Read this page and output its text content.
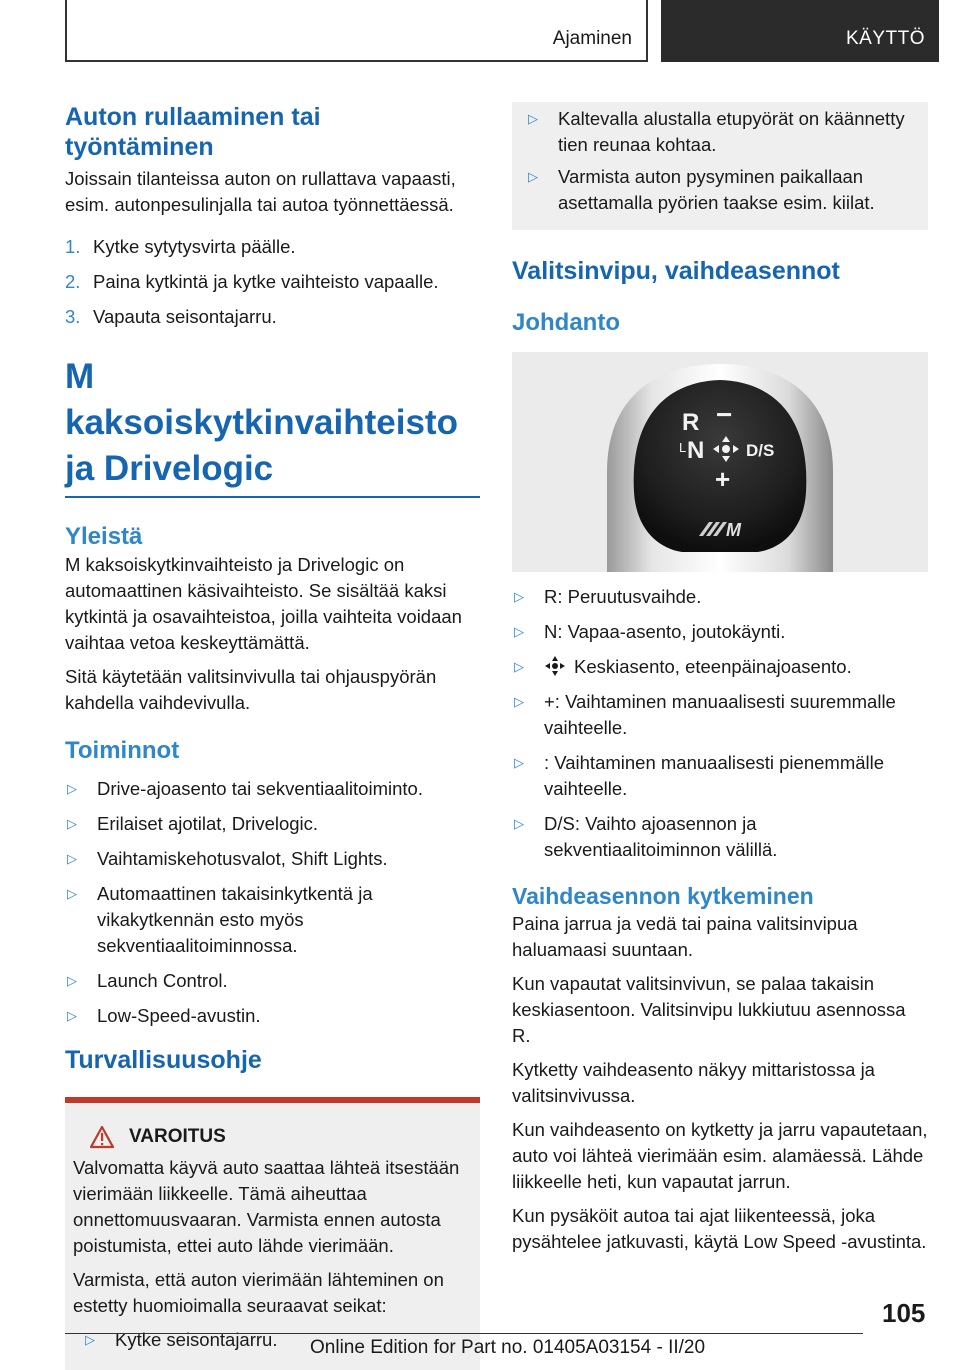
Ajaminen	KÄYTTÖ
Auton rullaaminen tai työntäminen

Joissain tilanteissa auton on rullattava vapaasti, esim. autonpesulinjalla tai autoa työnnettäessä.

1. Kytke sytytysvirta päälle.
2. Paina kytkintä ja kytke vaihteisto vapaalle.
3. Vapauta seisontajarru.
M kaksoiskytkinvaihteisto ja Drivelogic
Yleistä

M kaksoiskytkinvaihteisto ja Drivelogic on automaattinen käsivaihteisto. Se sisältää kaksi kytkintä ja osavaihteistoa, joilla vaihteita voidaan vaihtaa vetoa keskeyttämättä.

Sitä käytetään valitsinvivulla tai ohjauspyörän kahdella vaihdevivulla.

Toiminnot
▷	Drive-ajoasento tai sekventiaalitoiminto.
▷	Erilaiset ajotilat, Drivelogic.
▷	Vaihtamiskehotusvalot, Shift Lights.
▷	Automaattinen takaisinkytkentä ja vikakytkennän esto myös sekventiaalitoiminnossa.
▷	Launch Control.
▷	Low-Speed-avustin.
Turvallisuusohje
VAROITUS

Valvomatta käyvä auto saattaa lähteä itsestään vierimään liikkeelle. Tämä aiheuttaa onnettomuusvaaran. Varmista ennen autosta poistumista, ettei auto lähde vierimään.

Varmista, että auton vierimään lähteminen on estetty huomioimalla seuraavat seikat:

▷	Kytke seisontajarru.
▷	Kaltevalla alustalla etupyörät on käännetty tien reunaa kohtaa.
▷	Varmista auton pysyminen paikallaan asettamalla pyörien taakse esim. kiilat.
Valitsinvipu, vaihdeasennot
Johdanto
R −
L N D/S
+
M
▷	R: Peruutusvaihde.
▷	N: Vapaa-asento, joutokäynti.
▷	Keskiasento, eteenpäinajoasento.
▷	+: Vaihtaminen manuaalisesti suuremmalle vaihteelle.
▷	: Vaihtaminen manuaalisesti pienemmälle vaihteelle.
▷	D/S: Vaihto ajoasennon ja sekventiaalitoiminnon välillä.
Vaihdeasennon kytkeminen

Paina jarrua ja vedä tai paina valitsinvipua haluamaasi suuntaan.

Kun vapautat valitsinvivun, se palaa takaisin keskiasentoon. Valitsinvipu lukkiutuu asennossa R.

Kytketty vaihdeasento näkyy mittaristossa ja valitsinvivussa.

Kun vaihdeasento on kytketty ja jarru vapautetaan, auto voi lähteä vierimään esim. alamäessä. Lähde liikkeelle heti, kun vapautat jarrun.

Kun pysäköit autoa tai ajat liikenteessä, joka pysähtelee jatkuvasti, käytä Low Speed -avustinta.

105
Online Edition for Part no. 01405A03154 - II/20
